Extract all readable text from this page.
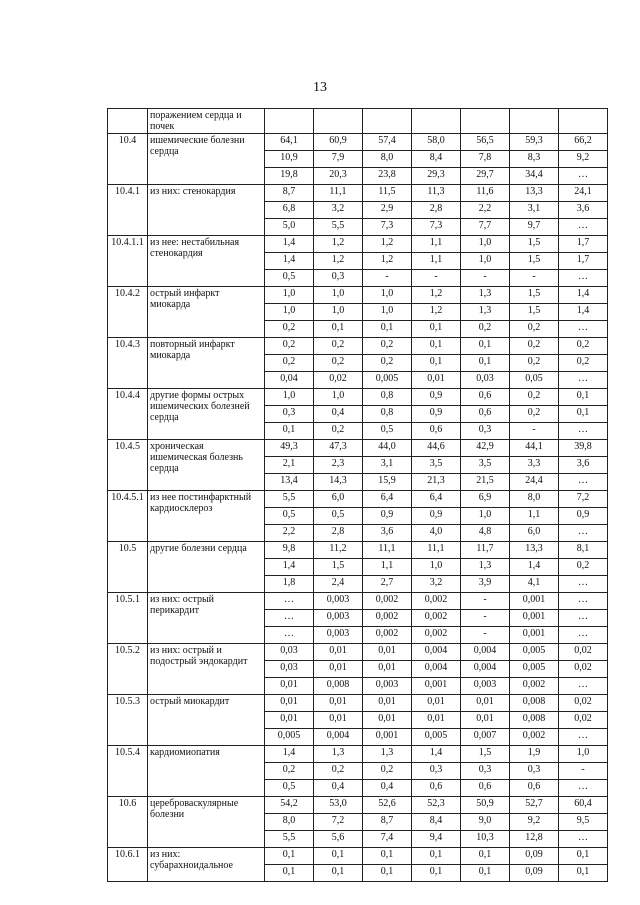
13
	поражением сердца и почек							
10.4	ишемические болезни сердца	64,1	60,9	57,4	58,0	56,5	59,3	66,2
		10,9	7,9	8,0	8,4	7,8	8,3	9,2
		19,8	20,3	23,8	29,3	29,7	34,4	…
10.4.1	из них: стенокардия	8,7	11,1	11,5	11,3	11,6	13,3	24,1
		6,8	3,2	2,9	2,8	2,2	3,1	3,6
		5,0	5,5	7,3	7,3	7,7	9,7	…
10.4.1.1	из нее: нестабильная стенокардия	1,4	1,2	1,2	1,1	1,0	1,5	1,7
		1,4	1,2	1,2	1,1	1,0	1,5	1,7
		0,5	0,3	-	-	-	-	…
10.4.2	острый инфаркт миокарда	1,0	1,0	1,0	1,2	1,3	1,5	1,4
		1,0	1,0	1,0	1,2	1,3	1,5	1,4
		0,2	0,1	0,1	0,1	0,2	0,2	…
10.4.3	повторный инфаркт миокарда	0,2	0,2	0,2	0,1	0,1	0,2	0,2
		0,2	0,2	0,2	0,1	0,1	0,2	0,2
		0,04	0,02	0,005	0,01	0,03	0,05	…
10.4.4	другие формы острых ишемических болезней сердца	1,0	1,0	0,8	0,9	0,6	0,2	0,1
		0,3	0,4	0,8	0,9	0,6	0,2	0,1
		0,1	0,2	0,5	0,6	0,3	-	…
10.4.5	хроническая ишемическая болезнь сердца	49,3	47,3	44,0	44,6	42,9	44,1	39,8
		2,1	2,3	3,1	3,5	3,5	3,3	3,6
		13,4	14,3	15,9	21,3	21,5	24,4	…
10.4.5.1	из нее постинфарктный кардиосклероз	5,5	6,0	6,4	6,4	6,9	8,0	7,2
		0,5	0,5	0,9	0,9	1,0	1,1	0,9
		2,2	2,8	3,6	4,0	4,8	6,0	…
10.5	другие болезни сердца	9,8	11,2	11,1	11,1	11,7	13,3	8,1
		1,4	1,5	1,1	1,0	1,3	1,4	0,2
		1,8	2,4	2,7	3,2	3,9	4,1	…
10.5.1	из них: острый перикардит	…	0,003	0,002	0,002	-	0,001	…
		…	0,003	0,002	0,002	-	0,001	…
		…	0,003	0,002	0,002	-	0,001	…
10.5.2	из них: острый и подострый эндокардит	0,03	0,01	0,01	0,004	0,004	0,005	0,02
		0,03	0,01	0,01	0,004	0,004	0,005	0,02
		0,01	0,008	0,003	0,001	0,003	0,002	…
10.5.3	острый миокардит	0,01	0,01	0,01	0,01	0,01	0,008	0,02
		0,01	0,01	0,01	0,01	0,01	0,008	0,02
		0,005	0,004	0,001	0,005	0,007	0,002	…
10.5.4	кардиомиопатия	1,4	1,3	1,3	1,4	1,5	1,9	1,0
		0,2	0,2	0,2	0,3	0,3	0,3	-
		0,5	0,4	0,4	0,6	0,6	0,6	…
10.6	цереброваскулярные болезни	54,2	53,0	52,6	52,3	50,9	52,7	60,4
		8,0	7,2	8,7	8,4	9,0	9,2	9,5
		5,5	5,6	7,4	9,4	10,3	12,8	…
10.6.1	из них: субарахноидальное	0,1	0,1	0,1	0,1	0,1	0,09	0,1
		0,1	0,1	0,1	0,1	0,1	0,09	0,1
